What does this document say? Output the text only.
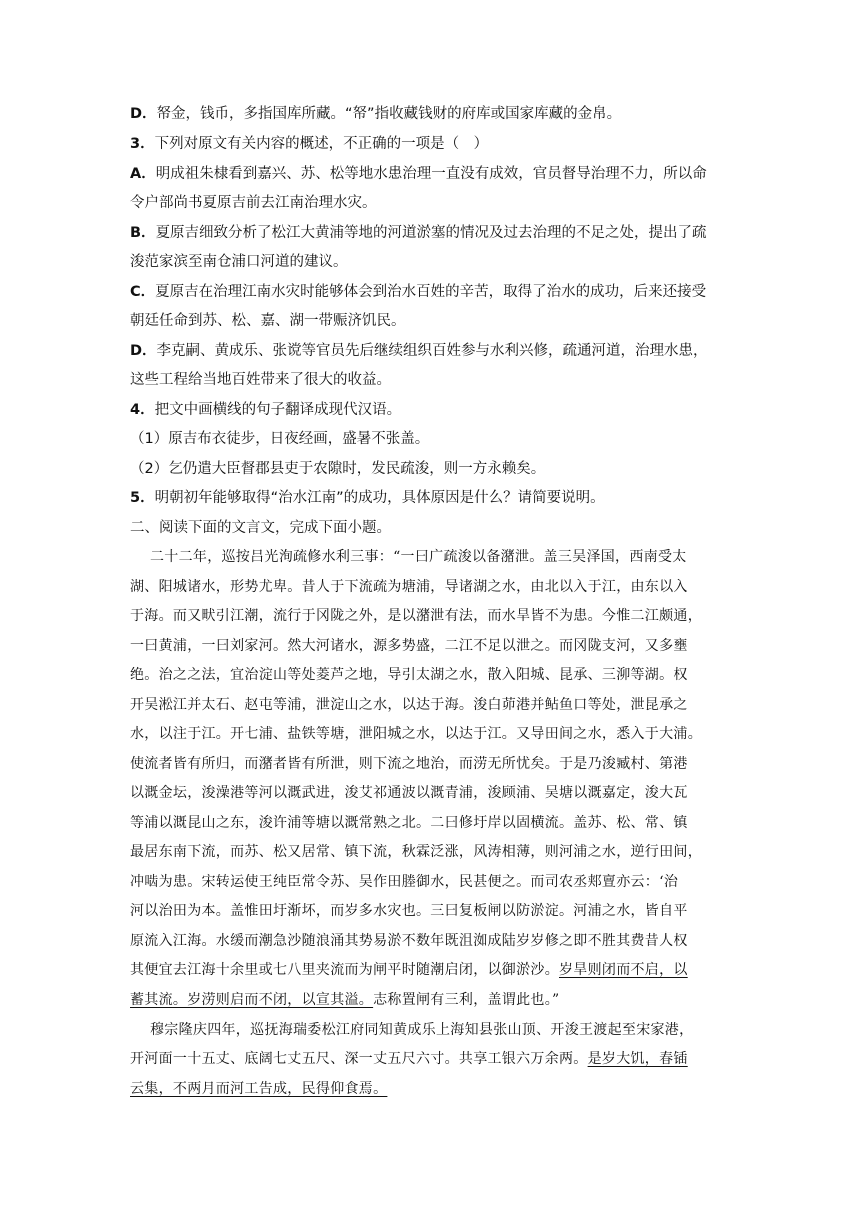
D．帑金，钱币，多指国库所藏。“帑”指收藏钱财的府库或国家库藏的金帛。
3．下列对原文有关内容的概述，不正确的一项是（　）
A．明成祖朱棣看到嘉兴、苏、松等地水患治理一直没有成效，官员督导治理不力，所以命
令户部尚书夏原吉前去江南治理水灾。
B．夏原吉细致分析了松江大黄浦等地的河道淤塞的情况及过去治理的不足之处，提出了疏
浚范家滨至南仓浦口河道的建议。
C．夏原吉在治理江南水灾时能够体会到治水百姓的辛苦，取得了治水的成功，后来还接受
朝廷任命到苏、松、嘉、湖一带赈济饥民。
D．李克嗣、黄成乐、张谠等官员先后继续组织百姓参与水利兴修，疏通河道，治理水患，
这些工程给当地百姓带来了很大的收益。
4．把文中画横线的句子翻译成现代汉语。
（1）原吉布衣徒步，日夜经画，盛暑不张盖。
（2）乞仍遣大臣督郡县吏于农隙时，发民疏浚，则一方永赖矣。
5．明朝初年能够取得“治水江南”的成功，具体原因是什么？请简要说明。
二、阅读下面的文言文，完成下面小题。
二十二年，巡按吕光洵疏修水利三事：“一曰广疏浚以备潴泄。盖三吴泽国，西南受太
湖、阳城诸水，形势尤卑。昔人于下流疏为塘浦，导诸湖之水，由北以入于江，由东以入
于海。而又畎引江潮，流行于冈陇之外，是以潴泄有法，而水旱皆不为患。今惟二江颇通，
一曰黄浦，一曰刘家河。然大河诸水，源多势盛，二江不足以泄之。而冈陇支河，又多壅
绝。治之之法，宜治淀山等处菱芦之地，导引太湖之水，散入阳城、昆承、三泖等湖。权
开吴淞江并太石、赵屯等浦，泄淀山之水，以达于海。浚白茆港并鲇鱼口等处，泄昆承之
水，以注于江。开七浦、盐铁等塘，泄阳城之水，以达于江。又导田间之水，悉入于大浦。
使流者皆有所归，而潴者皆有所泄，则下流之地治，而涝无所忧矣。于是乃浚臧村、第港
以溉金坛，浚澡港等河以溉武进，浚艾祁通波以溉青浦，浚顾浦、吴塘以溉嘉定，浚大瓦
等浦以溉昆山之东，浚许浦等塘以溉常熟之北。二曰修圩岸以固横流。盖苏、松、常、镇
最居东南下流，而苏、松又居常、镇下流，秋霖泛涨，风涛相薄，则河浦之水，逆行田间，
冲啮为患。宋转运使王纯臣常令苏、吴作田塍御水，民甚便之。而司农丞郏亶亦云：‘治
河以治田为本。盖惟田圩渐坏，而岁多水灾也。三曰复板闸以防淤淀。河浦之水，皆自平
原流入江海。水缓而潮急沙随浪涌其势易淤不数年既沮洳成陆岁岁修之即不胜其费昔人权
其便宜去江海十余里或七八里夹流而为闸平时随潮启闭，以御淤沙。岁旱则闭而不启，以
蓄其流。岁涝则启而不闭，以宣其溢。志称置闸有三利，盖谓此也。”
穆宗隆庆四年，巡抚海瑞委松江府同知黄成乐上海知县张山顶、开浚王渡起至宋家港，
开河面一十五丈、底阔七丈五尺、深一丈五尺六寸。共享工银六万余两。是岁大饥，春锸
云集，不两月而河工告成，民得仰食焉。
